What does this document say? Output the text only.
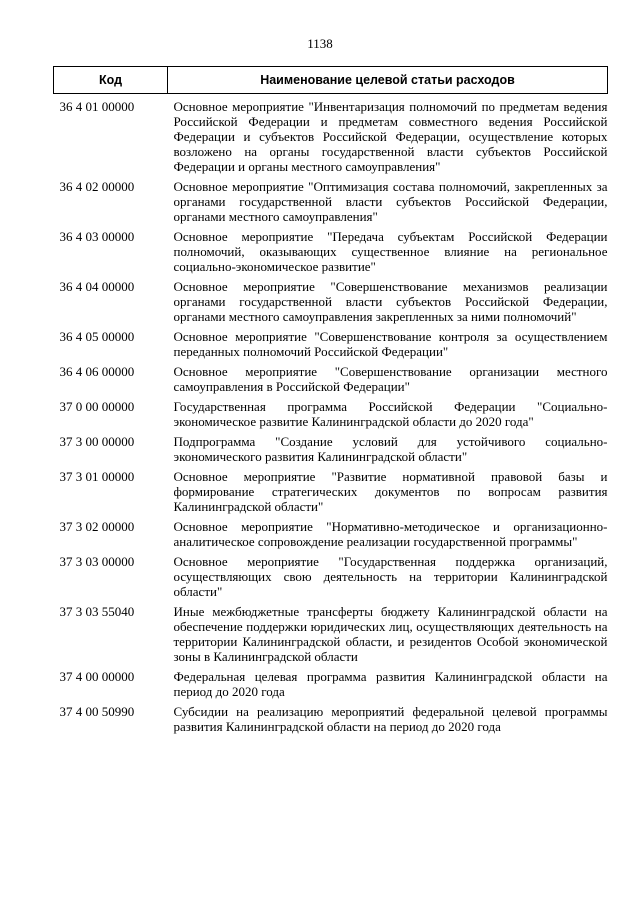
1138
Код	Наименование целевой статьи расходов
36 4 01 00000	Основное мероприятие "Инвентаризация полномочий по предметам ведения Российской Федерации и предметам совместного ведения Российской Федерации и субъектов Российской Федерации, осуществление которых возложено на органы государственной власти субъектов Российской Федерации и органы местного самоуправления"
36 4 02 00000	Основное мероприятие "Оптимизация состава полномочий, закрепленных за органами государственной власти субъектов Российской Федерации, органами местного самоуправления"
36 4 03 00000	Основное мероприятие "Передача субъектам Российской Федерации полномочий, оказывающих существенное влияние на региональное социально-экономическое развитие"
36 4 04 00000	Основное мероприятие "Совершенствование механизмов реализации органами государственной власти субъектов Российской Федерации, органами местного самоуправления закрепленных за ними полномочий"
36 4 05 00000	Основное мероприятие "Совершенствование контроля за осуществлением переданных полномочий Российской Федерации"
36 4 06 00000	Основное мероприятие "Совершенствование организации местного самоуправления в Российской Федерации"
37 0 00 00000	Государственная программа Российской Федерации "Социально-экономическое развитие Калининградской области до 2020 года"
37 3 00 00000	Подпрограмма "Создание условий для устойчивого социально-экономического развития Калининградской области"
37 3 01 00000	Основное мероприятие "Развитие нормативной правовой базы и формирование стратегических документов по вопросам развития Калининградской области"
37 3 02 00000	Основное мероприятие "Нормативно-методическое и организационно-аналитическое сопровождение реализации государственной программы"
37 3 03 00000	Основное мероприятие "Государственная поддержка организаций, осуществляющих свою деятельность на территории Калининградской области"
37 3 03 55040	Иные межбюджетные трансферты бюджету Калининградской области на обеспечение поддержки юридических лиц, осуществляющих деятельность на территории Калининградской области, и резидентов Особой экономической зоны в Калининградской области
37 4 00 00000	Федеральная целевая программа развития Калининградской области на период до 2020 года
37 4 00 50990	Субсидии на реализацию мероприятий федеральной целевой программы развития Калининградской области на период до 2020 года
